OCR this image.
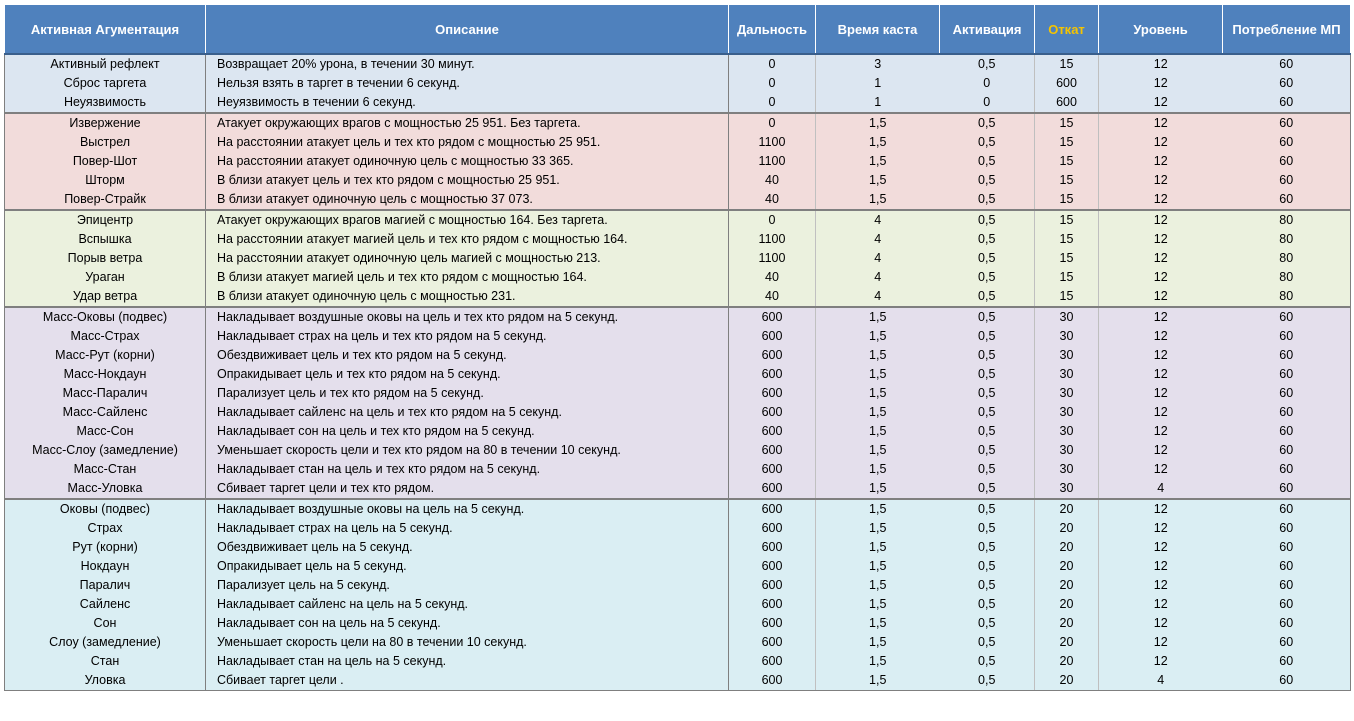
Активная Агументация	Описание	Дальность	Время каста	Активация	Откат	Уровень	Потребление МП
Активный рефлект	Возвращает 20% урона, в течении 30 минут.	0	3	0,5	15	12	60
Сброс таргета	Нельзя взять в таргет в течении 6 секунд.	0	1	0	600	12	60
Неуязвимость	Неуязвимость в течении 6 секунд.	0	1	0	600	12	60
Извержение	Атакует окружающих врагов с мощностью 25 951. Без таргета.	0	1,5	0,5	15	12	60
Выстрел	На расстоянии атакует цель и тех кто рядом с мощностью 25 951.	1100	1,5	0,5	15	12	60
Повер-Шот	На расстоянии атакует одиночную цель с мощностью 33 365.	1100	1,5	0,5	15	12	60
Шторм	В близи атакует цель и тех кто рядом с мощностью 25 951.	40	1,5	0,5	15	12	60
Повер-Страйк	В близи атакует одиночную цель с мощностью 37 073.	40	1,5	0,5	15	12	60
Эпицентр	Атакует окружающих врагов магией с мощностью 164. Без таргета.	0	4	0,5	15	12	80
Вспышка	На расстоянии атакует магией цель и тех кто рядом с мощностью 164.	1100	4	0,5	15	12	80
Порыв ветра	На расстоянии атакует одиночную цель магией с мощностью 213.	1100	4	0,5	15	12	80
Ураган	В близи атакует магией цель и тех кто рядом с мощностью 164.	40	4	0,5	15	12	80
Удар ветра	В близи атакует одиночную цель с мощностью 231.	40	4	0,5	15	12	80
Масс-Оковы (подвес)	Накладывает воздушные оковы на цель и тех кто рядом на 5 секунд.	600	1,5	0,5	30	12	60
Масс-Страх	Накладывает страх на цель и тех кто рядом на 5 секунд.	600	1,5	0,5	30	12	60
Масс-Рут (корни)	Обездвиживает цель и тех кто рядом на 5 секунд.	600	1,5	0,5	30	12	60
Масс-Нокдаун	Опракидывает цель и тех кто рядом на 5 секунд.	600	1,5	0,5	30	12	60
Масс-Паралич	Парализует цель и тех кто рядом на 5 секунд.	600	1,5	0,5	30	12	60
Масс-Сайленс	Накладывает сайленс на цель и тех кто рядом на 5 секунд.	600	1,5	0,5	30	12	60
Масс-Сон	Накладывает сон на цель и тех кто рядом на 5 секунд.	600	1,5	0,5	30	12	60
Масс-Слоу (замедление)	Уменьшает скорость цели и тех кто рядом на 80 в течении 10 секунд.	600	1,5	0,5	30	12	60
Масс-Стан	Накладывает стан на цель и тех кто рядом на 5 секунд.	600	1,5	0,5	30	12	60
Масс-Уловка	Сбивает таргет цели и тех кто рядом.	600	1,5	0,5	30	4	60
Оковы (подвес)	Накладывает воздушные оковы на цель на 5 секунд.	600	1,5	0,5	20	12	60
Страх	Накладывает страх на цель на 5 секунд.	600	1,5	0,5	20	12	60
Рут (корни)	Обездвиживает цель на 5 секунд.	600	1,5	0,5	20	12	60
Нокдаун	Опракидывает цель на 5 секунд.	600	1,5	0,5	20	12	60
Паралич	Парализует цель на 5 секунд.	600	1,5	0,5	20	12	60
Сайленс	Накладывает сайленс на цель на 5 секунд.	600	1,5	0,5	20	12	60
Сон	Накладывает сон на цель на 5 секунд.	600	1,5	0,5	20	12	60
Слоу (замедление)	Уменьшает скорость цели на 80 в течении 10 секунд.	600	1,5	0,5	20	12	60
Стан	Накладывает стан на цель на 5 секунд.	600	1,5	0,5	20	12	60
Уловка	Сбивает таргет цели .	600	1,5	0,5	20	4	60
